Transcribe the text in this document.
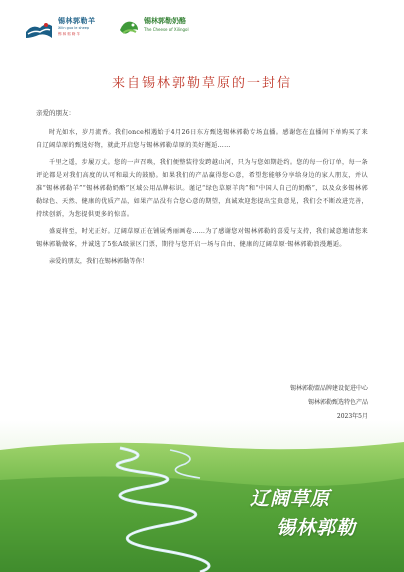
锡林郭勒羊
Xilin guo le sheep
锡 林 郭 勒 羊
锡林郭勒奶酪
The Cheese of Xilingol
来自锡林郭勒草原的一封信
亲爱的朋友：

时光如水，岁月流香。我们once相遇始于4月26日东方甄选锡林郭勒专场直播。感谢您在直播间下单购买了来自辽阔草原的甄选好物，就此开启您与锡林郭勒草原的美好邂逅……

千里之遥，步履万丈。您的一声召唤，我们便整装待发跨越山河，只为与您如期赴约。您的每一份订单，每一条评论都是对我们高度的认可和最大的鼓励。如果我们的产品赢得您心意，希望您能够分享给身边的家人朋友，并认准“锡林郭勒羊”“锡林郭勒奶酪”区域公用品牌标识。谨记“绿色草原羊肉”和“中国人自己的奶酪”，以及众多锡林郭勒绿色、天然、健康的优质产品，如果产品没有合您心意的期望，真诚欢迎您提出宝贵意见，我们会不断改进完善，持续创新，为您提供更多的惊喜。

盛夏将至，时光正好。辽阔草原正在铺展秀丽画卷……为了感谢您对锡林郭勒的喜爱与支持，我们诚意邀请您来锡林郭勒做客，并诚选了5张A级景区门票，期待与您开启一场与自由、健康的辽阔草原·锡林郭勒浪漫邂逅。

亲爱的朋友，我们在锡林郭勒等你！

锡林郭勒盟品牌建设促进中心
锡林郭勒甄选特色产品
2023年5月
辽阔草原
锡林郭勒
